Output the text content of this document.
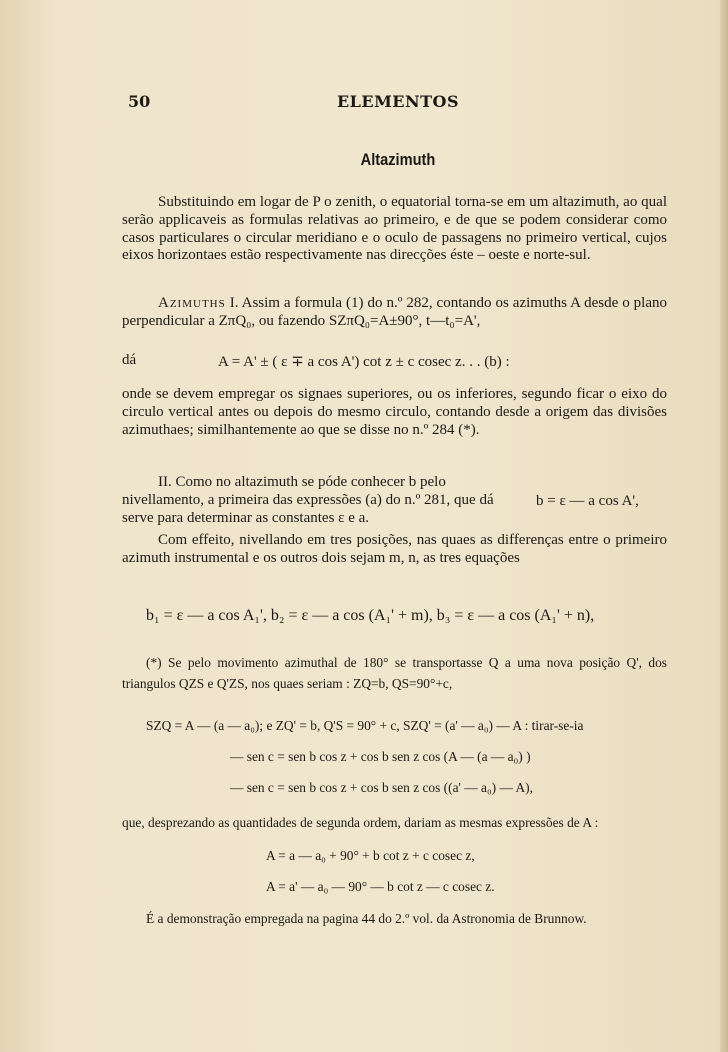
50	ELEMENTOS
Altazimuth
Substituindo em logar de P o zenith, o equatorial torna-se em um altazimuth, ao qual serão applicaveis as formulas relativas ao primeiro, e de que se podem considerar como casos particulares o circular meridiano e o oculo de passagens no primeiro vertical, cujos eixos horizontaes estão respectivamente nas direcções éste – oeste e norte-sul.
Azimuths I. Assim a formula (1) do n.º 282, contando os azimuths A desde o plano perpendicular a ZπQ₀, ou fazendo SZπQ₀=A±90°, t—t₀=A',
dá	A = A' ± ( ε ∓ a cos A') cot z ± c cosec z. . . (b) :
onde se devem empregar os signaes superiores, ou os inferiores, segundo ficar o eixo do circulo vertical antes ou depois do mesmo circulo, contando desde a origem das divisões azimuthaes; similhantemente ao que se disse no n.º 284 (*).
II. Como no altazimuth se póde conhecer b pelo nivellamento, a primeira das expressões (a) do n.º 281, que dá	b = ε — a cos A',
serve para determinar as constantes ε e a.
Com effeito, nivellando em tres posições, nas quaes as differenças entre o primeiro azimuth instrumental e os outros dois sejam m, n, as tres equações
b₁ = ε — a cos A₁', b₂ = ε — a cos (A₁' + m), b₃ = ε — a cos (A₁' + n),
(*) Se pelo movimento azimuthal de 180° se transportasse Q a uma nova posição Q', dos triangulos QZS e Q'ZS, nos quaes seriam : ZQ=b, QS=90°+c,
SZQ = A — (a — a₀); e ZQ' = b, Q'S = 90° + c, SZQ' = (a' — a₀) — A : tirar-se-ia
— sen c = sen b cos z + cos b sen z cos (A — (a — a₀) )
— sen c = sen b cos z + cos b sen z cos ((a' — a₀) — A),
que, desprezando as quantidades de segunda ordem, dariam as mesmas expressões de A :
A = a — a₀ + 90° + b cot z + c cosec z,
A = a' — a₀ — 90° — b cot z — c cosec z.
É a demonstração empregada na pagina 44 do 2.º vol. da Astronomia de Brunnow.
